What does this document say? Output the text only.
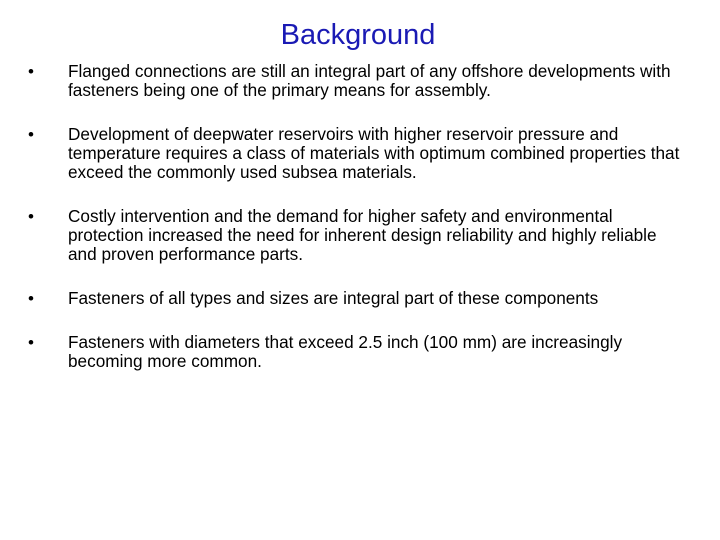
Background
• Flanged connections are still an integral part of any offshore developments with fasteners being one of the primary means for assembly.
• Development of deepwater reservoirs with higher reservoir pressure and temperature requires a class of materials with optimum combined properties that exceed the commonly used subsea materials.
• Costly intervention and the demand for higher safety and environmental protection increased the need for inherent design reliability and highly reliable and proven performance parts.
• Fasteners of all types and sizes are integral part of these components
• Fasteners with diameters that exceed 2.5 inch (100 mm) are increasingly becoming more common.
